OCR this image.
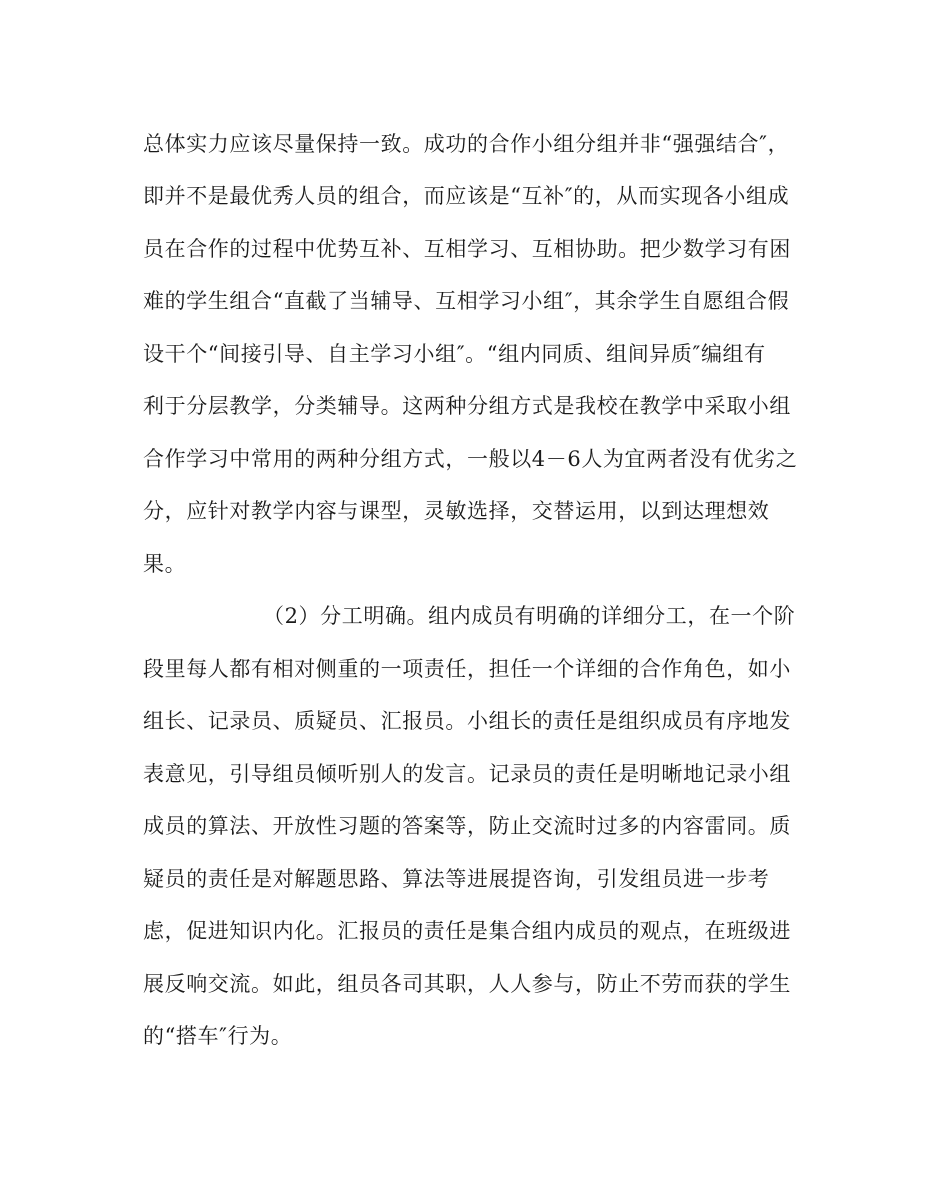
总体实力应该尽量保持一致。成功的合作小组分组并非“强强结合″，
即并不是最优秀人员的组合，而应该是“互补″的，从而实现各小组成
员在合作的过程中优势互补、互相学习、互相协助。把少数学习有困
难的学生组合“直截了当辅导、互相学习小组″，其余学生自愿组合假
设干个“间接引导、自主学习小组″。“组内同质、组间异质″编组有
利于分层教学，分类辅导。这两种分组方式是我校在教学中采取小组
合作学习中常用的两种分组方式，一般以4－6人为宜两者没有优劣之
分，应针对教学内容与课型，灵敏选择，交替运用，以到达理想效
果。
（2）分工明确。组内成员有明确的详细分工，在一个阶
段里每人都有相对侧重的一项责任，担任一个详细的合作角色，如小
组长、记录员、质疑员、汇报员。小组长的责任是组织成员有序地发
表意见，引导组员倾听别人的发言。记录员的责任是明晰地记录小组
成员的算法、开放性习题的答案等，防止交流时过多的内容雷同。质
疑员的责任是对解题思路、算法等进展提咨询，引发组员进一步考
虑，促进知识内化。汇报员的责任是集合组内成员的观点，在班级进
展反响交流。如此，组员各司其职，人人参与，防止不劳而获的学生
的“搭车″行为。
